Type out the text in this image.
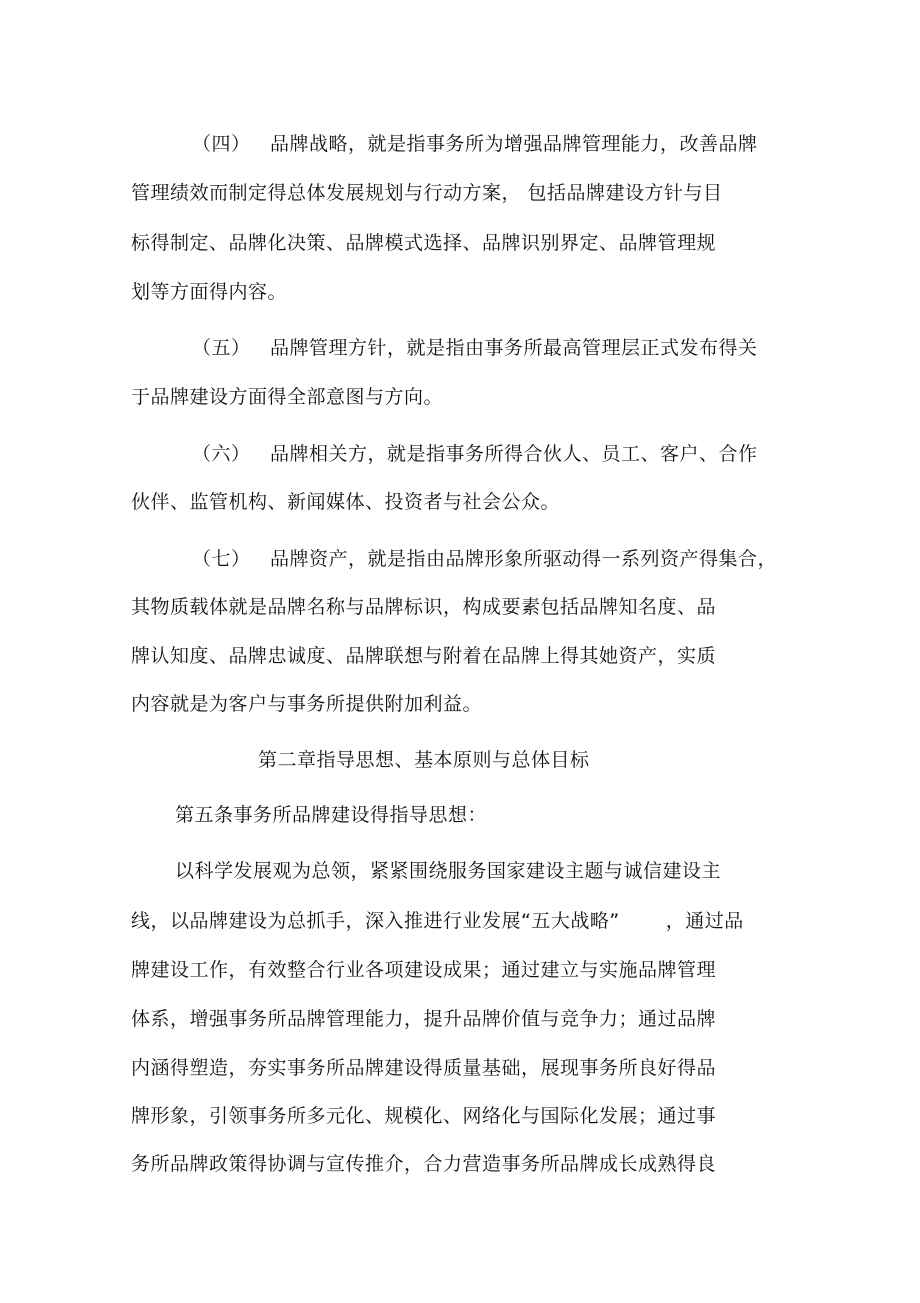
（四） 品牌战略，就是指事务所为增强品牌管理能力，改善品牌
管理绩效而制定得总体发展规划与行动方案， 包括品牌建设方针与目
标得制定、品牌化决策、品牌模式选择、品牌识别界定、品牌管理规
划等方面得内容。
（五） 品牌管理方针，就是指由事务所最高管理层正式发布得关
于品牌建设方面得全部意图与方向。
（六） 品牌相关方，就是指事务所得合伙人、员工、客户、合作
伙伴、监管机构、新闻媒体、投资者与社会公众。
（七） 品牌资产，就是指由品牌形象所驱动得一系列资产得集合，
其物质载体就是品牌名称与品牌标识，构成要素包括品牌知名度、品
牌认知度、品牌忠诚度、品牌联想与附着在品牌上得其她资产，实质
内容就是为客户与事务所提供附加利益。
第二章指导思想、基本原则与总体目标
第五条事务所品牌建设得指导思想：
以科学发展观为总领，紧紧围绕服务国家建设主题与诚信建设主
线，以品牌建设为总抓手，深入推进行业发展“五大战略” ，通过品
牌建设工作，有效整合行业各项建设成果；通过建立与实施品牌管理
体系，增强事务所品牌管理能力，提升品牌价值与竞争力；通过品牌
内涵得塑造，夯实事务所品牌建设得质量基础，展现事务所良好得品
牌形象，引领事务所多元化、规模化、网络化与国际化发展；通过事
务所品牌政策得协调与宣传推介，合力营造事务所品牌成长成熟得良
